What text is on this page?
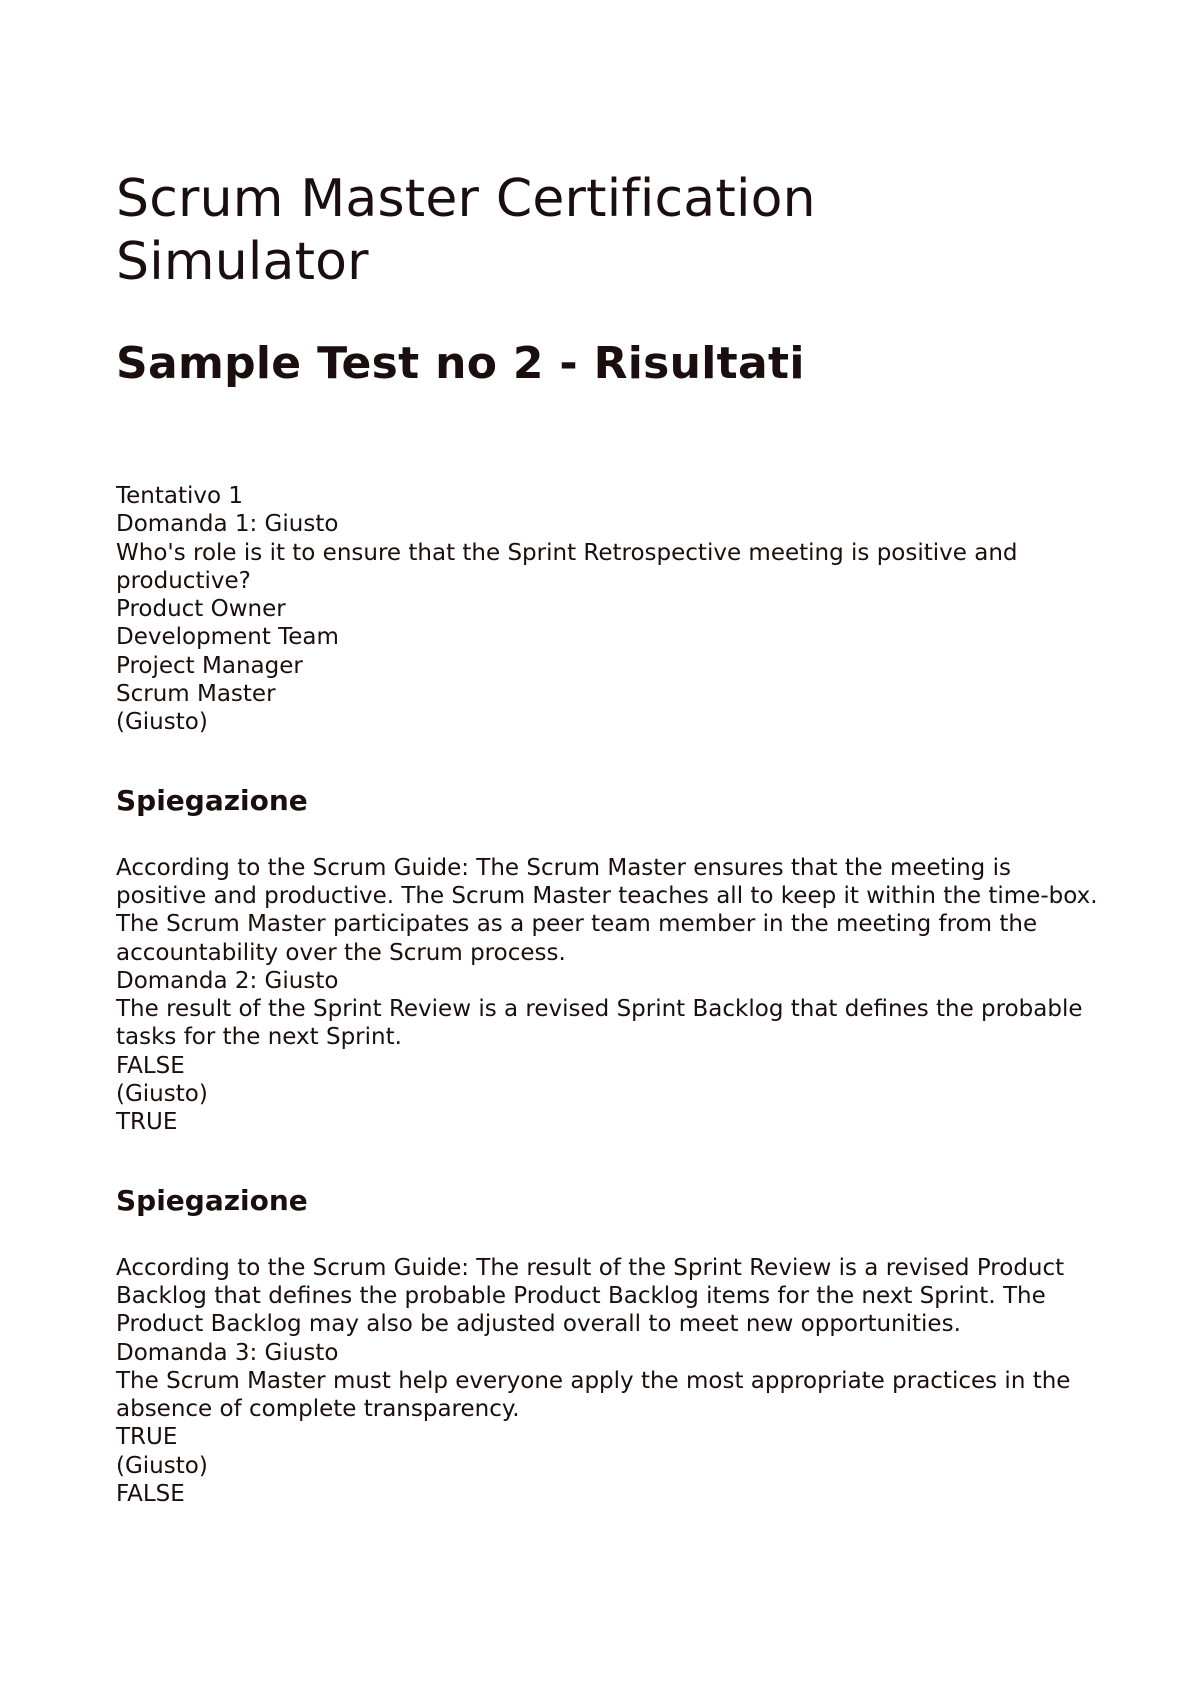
Scrum Master Certification
Simulator
Sample Test no 2 - Risultati
Tentativo 1
Domanda 1: Giusto
Who's role is it to ensure that the Sprint Retrospective meeting is positive and productive?
Product Owner
Development Team
Project Manager
Scrum Master
(Giusto)
Spiegazione
According to the Scrum Guide: The Scrum Master ensures that the meeting is positive and productive. The Scrum Master teaches all to keep it within the time-box. The Scrum Master participates as a peer team member in the meeting from the accountability over the Scrum process.
Domanda 2: Giusto
The result of the Sprint Review is a revised Sprint Backlog that defines the probable tasks for the next Sprint.
FALSE
(Giusto)
TRUE
Spiegazione
According to the Scrum Guide: The result of the Sprint Review is a revised Product Backlog that defines the probable Product Backlog items for the next Sprint. The Product Backlog may also be adjusted overall to meet new opportunities.
Domanda 3: Giusto
The Scrum Master must help everyone apply the most appropriate practices in the absence of complete transparency.
TRUE
(Giusto)
FALSE
